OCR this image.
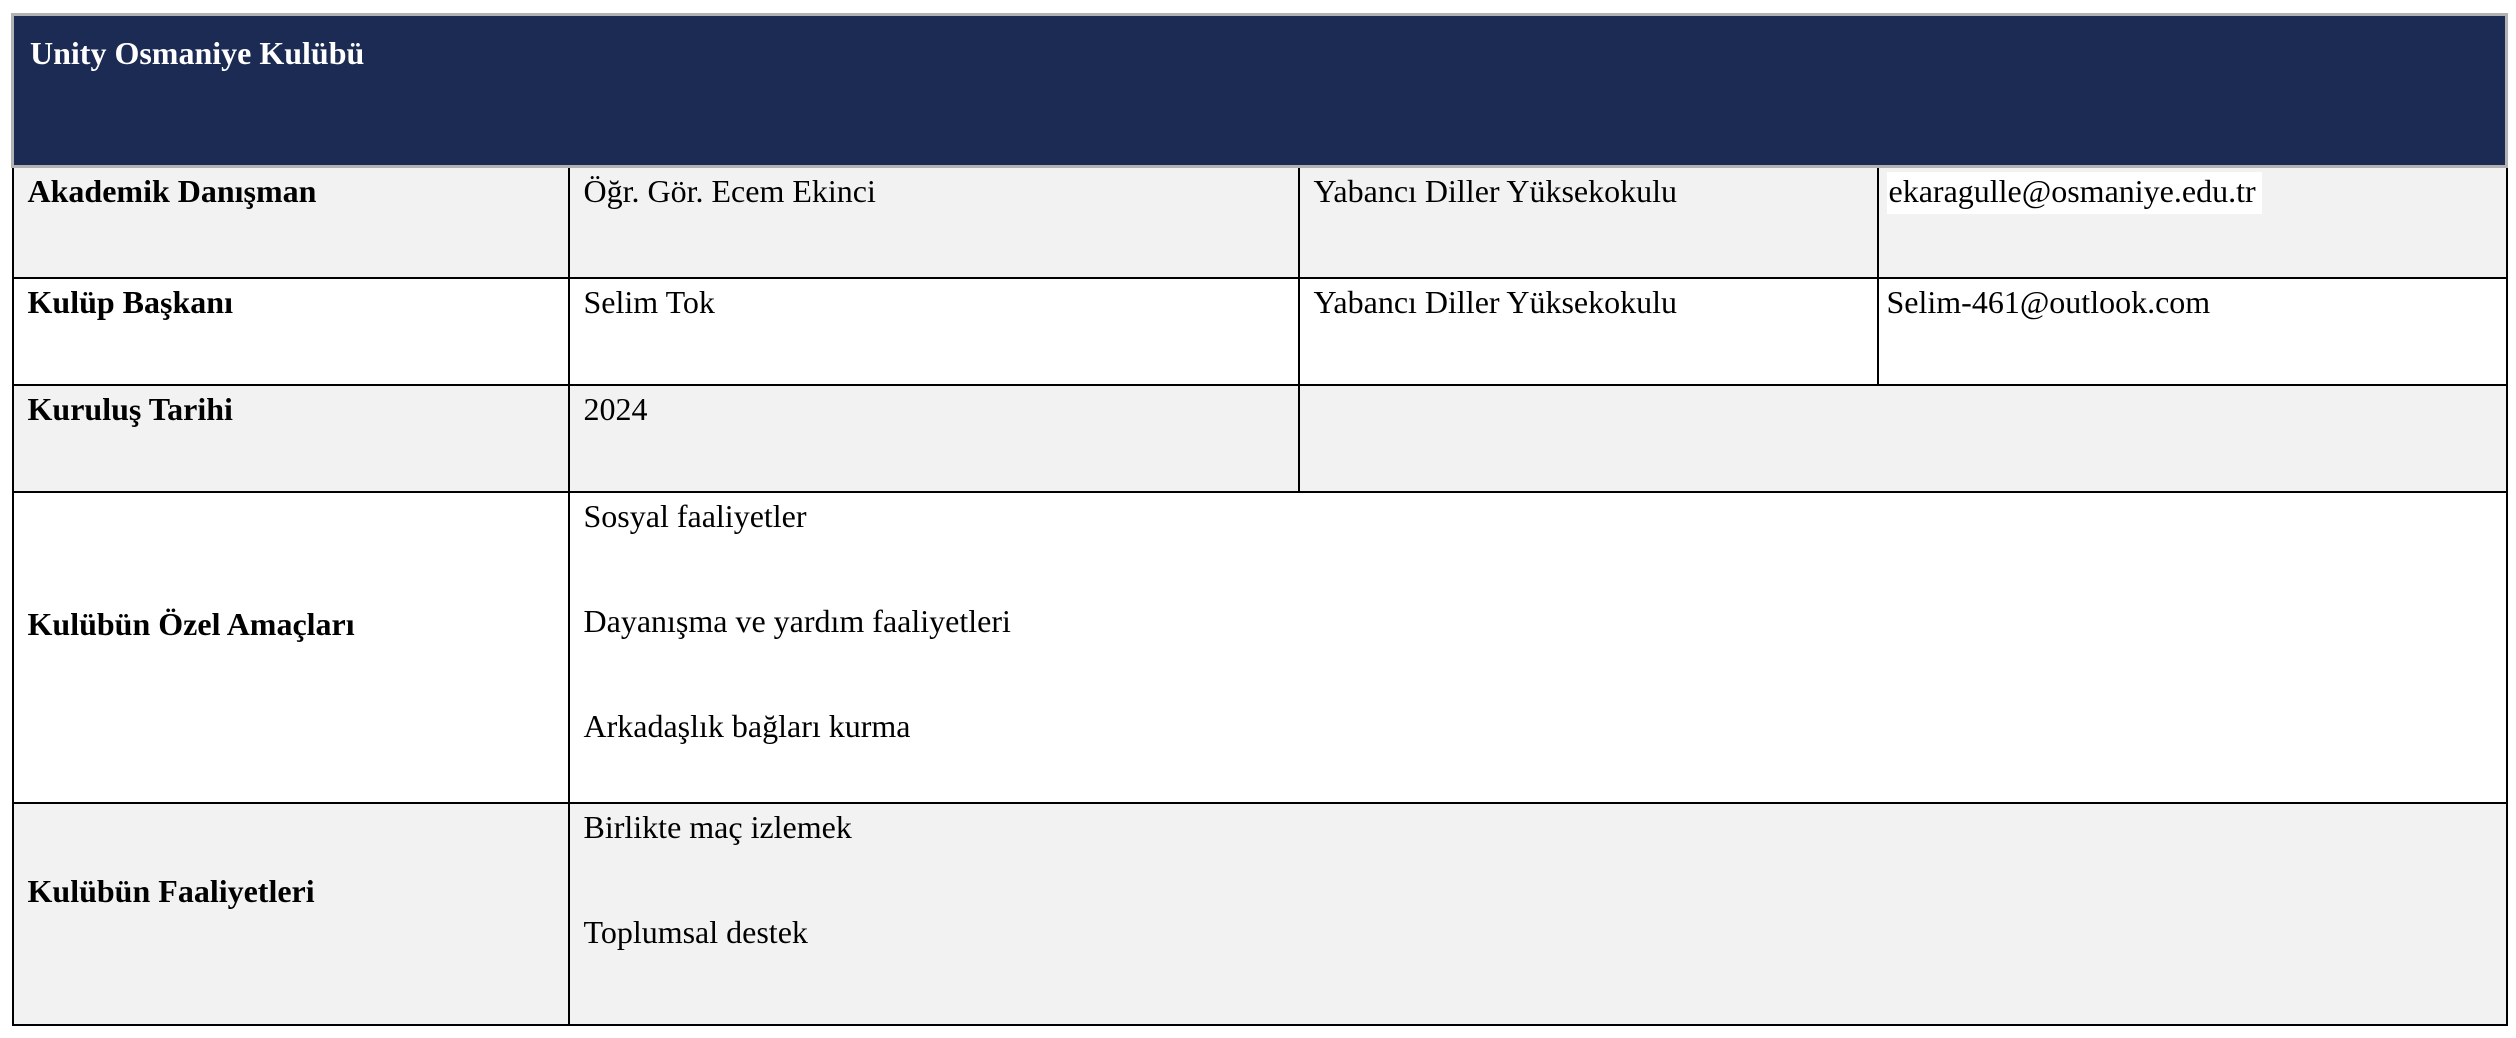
Unity Osmaniye Kulübü			
Akademik Danışman	Öğr. Gör. Ecem Ekinci	Yabancı Diller Yüksekokulu	ekaragulle@osmaniye.edu.tr
Kulüp Başkanı	Selim Tok	Yabancı Diller Yüksekokulu	Selim-461@outlook.com
Kuruluş Tarihi	2024		
Kulübün Özel Amaçları	Sosyal faaliyetler

Dayanışma ve yardım faaliyetleri

Arkadaşlık bağları kurma		

Kulübün Faaliyetleri	Birlikte maç izlemek

Toplumsal destek		
